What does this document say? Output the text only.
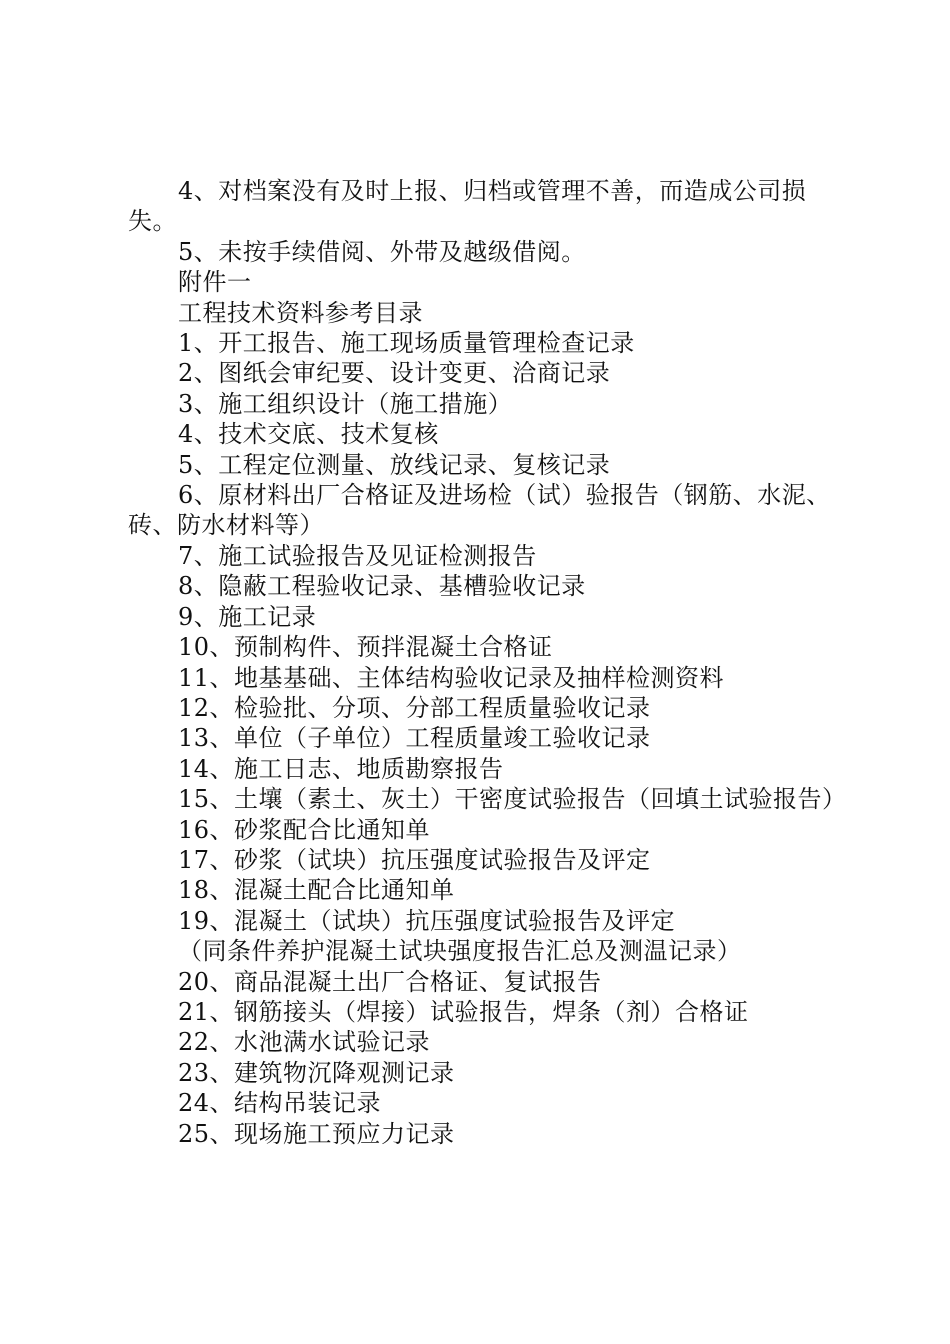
4、对档案没有及时上报、归档或管理不善，而造成公司损失。

5、未按手续借阅、外带及越级借阅。

附件一

工程技术资料参考目录

1、开工报告、施工现场质量管理检查记录

2、图纸会审纪要、设计变更、洽商记录

3、施工组织设计（施工措施）

4、技术交底、技术复核

5、工程定位测量、放线记录、复核记录

6、原材料出厂合格证及进场检（试）验报告（钢筋、水泥、砖、防水材料等）

7、施工试验报告及见证检测报告

8、隐蔽工程验收记录、基槽验收记录

9、施工记录

10、预制构件、预拌混凝土合格证

11、地基基础、主体结构验收记录及抽样检测资料

12、检验批、分项、分部工程质量验收记录

13、单位（子单位）工程质量竣工验收记录

14、施工日志、地质勘察报告

15、土壤（素土、灰土）干密度试验报告（回填土试验报告）

16、砂浆配合比通知单

17、砂浆（试块）抗压强度试验报告及评定

18、混凝土配合比通知单

19、混凝土（试块）抗压强度试验报告及评定

（同条件养护混凝土试块强度报告汇总及测温记录）

20、商品混凝土出厂合格证、复试报告

21、钢筋接头（焊接）试验报告，焊条（剂）合格证

22、水池满水试验记录

23、建筑物沉降观测记录

24、结构吊装记录

25、现场施工预应力记录
